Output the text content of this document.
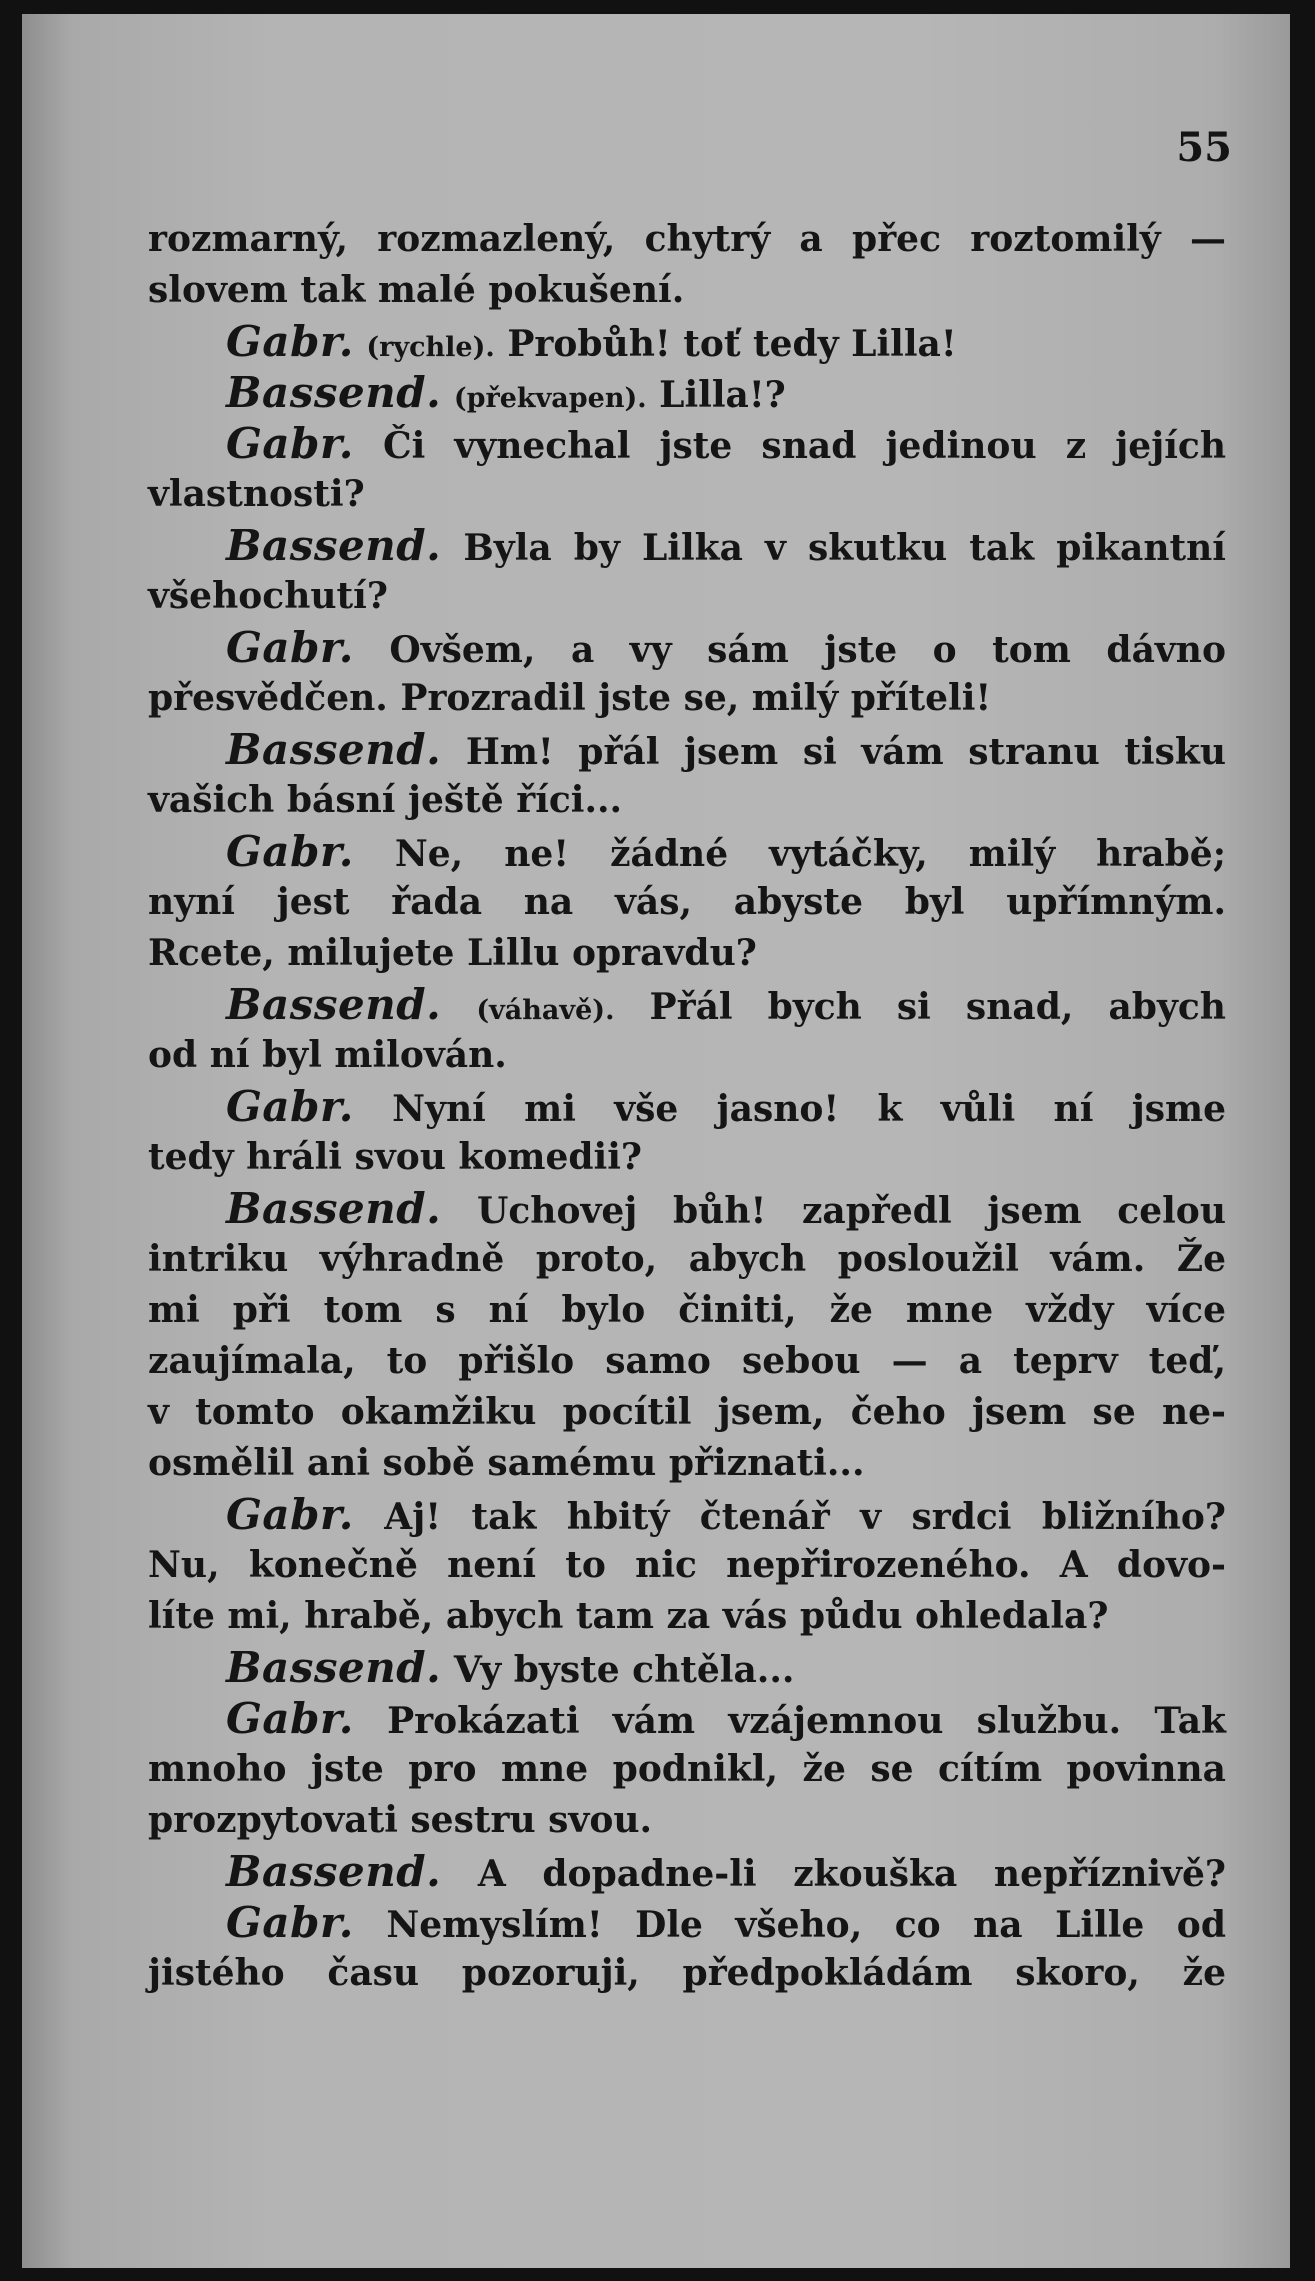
55

rozmarný, rozmazlený, chytrý a přec roztomilý —
slovem tak malé pokušení.
Gabr. (rychle). Probůh! toť tedy Lilla!
Bassend. (překvapen). Lilla!?
Gabr. Či vynechal jste snad jedinou z jejích
vlastnosti?
Bassend. Byla by Lilka v skutku tak pikantní
všehochutí?
Gabr. Ovšem, a vy sám jste o tom dávno
přesvědčen. Prozradil jste se, milý příteli!
Bassend. Hm! přál jsem si vám stranu tisku
vašich básní ještě říci...
Gabr. Ne, ne! žádné vytáčky, milý hrabě;
nyní jest řada na vás, abyste byl upřímným.
Rcete, milujete Lillu opravdu?
Bassend. (váhavě). Přál bych si snad, abych
od ní byl milován.
Gabr. Nyní mi vše jasno! k vůli ní jsme
tedy hráli svou komedii?
Bassend. Uchovej bůh! zapředl jsem celou
intriku výhradně proto, abych posloužil vám. Že
mi při tom s ní bylo činiti, že mne vždy více
zaujímala, to přišlo samo sebou — a teprv teď,
v tomto okamžiku pocítil jsem, čeho jsem se ne-
osmělil ani sobě samému přiznati...
Gabr. Aj! tak hbitý čtenář v srdci bližního?
Nu, konečně není to nic nepřirozeného. A dovo-
líte mi, hrabě, abych tam za vás půdu ohledala?
Bassend. Vy byste chtěla...
Gabr. Prokázati vám vzájemnou službu. Tak
mnoho jste pro mne podnikl, že se cítím povinna
prozpytovati sestru svou.
Bassend. A dopadne-li zkouška nepříznivě?
Gabr. Nemyslím! Dle všeho, co na Lille od
jistého času pozoruji, předpokládám skoro, že
